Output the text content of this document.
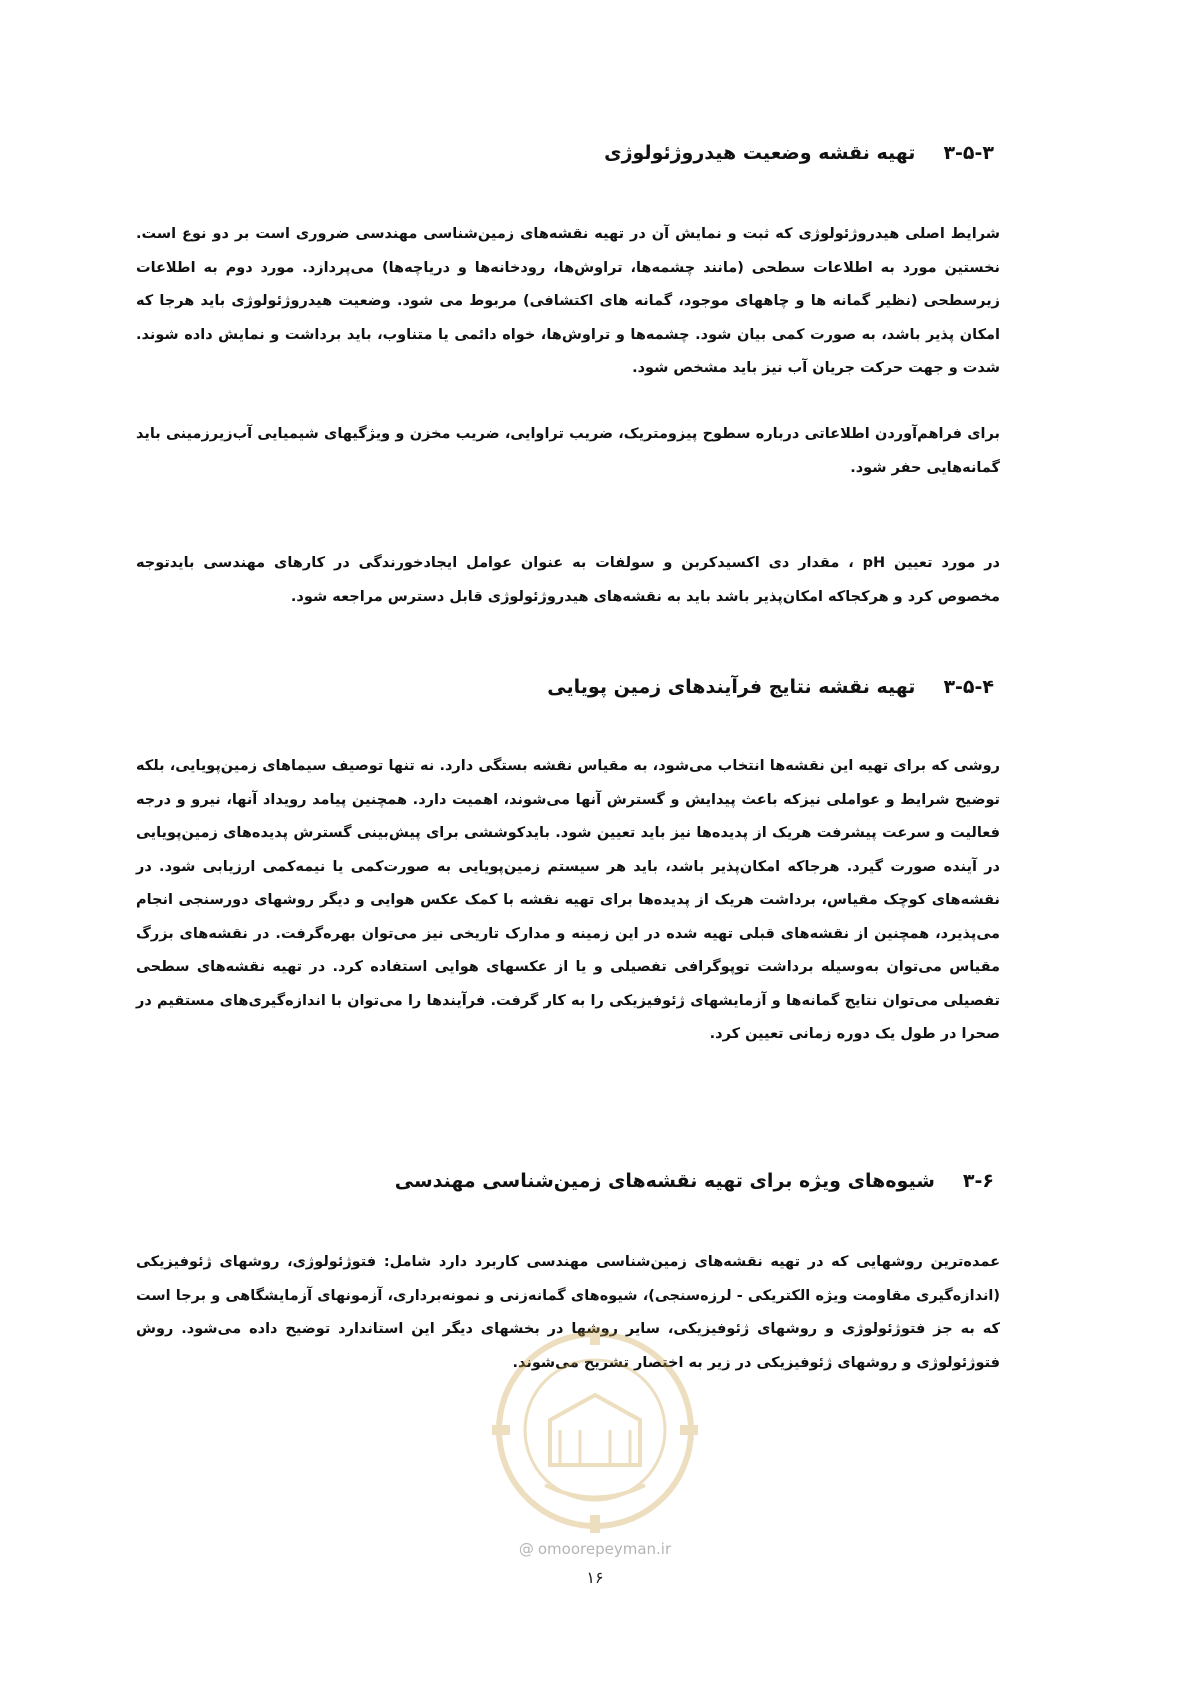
۳-۵-۳تهیه نقشه وضعیت هیدروژئولوژی

شرایط اصلی هیدروژئولوژی که ثبت و نمایش آن در تهیه نقشه‌های زمین‌شناسی مهندسی ضروری است بر دو نوع است. نخستین مورد به اطلاعات سطحی (مانند چشمه‌ها، تراوش‌ها، رودخانه‌ها و دریاچه‌ها) می‌پردازد. مورد دوم به اطلاعات زیرسطحی (نظیر گمانه ها و چاههای موجود، گمانه های اکتشافی) مربوط می شود. وضعیت هیدروژئولوژی باید هرجا که امکان پذیر باشد، به صورت کمی بیان شود. چشمه‌ها و تراوش‌ها، خواه دائمی یا متناوب، باید برداشت و نمایش داده شوند. شدت و جهت حرکت جریان آب نیز باید مشخص شود.

برای فراهم‌آوردن اطلاعاتی درباره سطوح پیزومتریک، ضریب تراوایی، ضریب مخزن و ویژگیهای شیمیایی آب‌زیرزمینی باید گمانه‌هایی حفر شود.

در مورد تعیین pH ، مقدار دی اکسیدکربن و سولفات به عنوان عوامل ایجادخورندگی در کارهای مهندسی بایدتوجه مخصوص کرد و هرکجاکه امکان‌پذیر باشد باید به نقشه‌های هیدروژئولوژی قابل دسترس مراجعه شود.

۳-۵-۴تهیه نقشه نتایج فرآیندهای زمین پویایی

روشی که برای تهیه این نقشه‌ها انتخاب می‌شود، به مقیاس نقشه بستگی دارد. نه تنها توصیف سیماهای زمین‌پویایی، بلکه توضیح شرایط و عواملی نیزکه باعث پیدایش و گسترش آنها می‌شوند، اهمیت دارد. همچنین پیامد رویداد آنها، نیرو و درجه فعالیت و سرعت پیشرفت هریک از پدیده‌ها نیز باید تعیین شود. بایدکوششی برای پیش‌بینی گسترش پدیده‌های زمین‌پویایی در آینده صورت گیرد. هرجاکه امکان‌پذیر باشد، باید هر سیستم زمین‌پویایی به صورت‌کمی یا نیمه‌کمی ارزیابی شود. در نقشه‌های کوچک مقیاس، برداشت هریک از پدیده‌ها برای تهیه نقشه با کمک عکس هوایی و دیگر روشهای دورسنجی انجام می‌پذیرد، همچنین از نقشه‌های قبلی تهیه شده در این زمینه و مدارک تاریخی نیز می‌توان بهره‌گرفت. در نقشه‌های بزرگ مقیاس می‌توان به‌وسیله برداشت توپوگرافی تفصیلی و یا از عکسهای هوایی استفاده کرد. در تهیه نقشه‌های سطحی تفصیلی می‌توان نتایج گمانه‌ها و آزمایشهای ژئوفیزیکی را به کار گرفت. فرآیندها را می‌توان با اندازه‌گیری‌های مستقیم در صحرا در طول یک دوره زمانی تعیین کرد.

۳-۶شیوه‌های ویژه برای تهیه نقشه‌های زمین‌شناسی مهندسی

عمده‌ترین روشهایی که در تهیه نقشه‌های زمین‌شناسی مهندسی کاربرد دارد شامل: فتوژئولوژی، روشهای ژئوفیزیکی (اندازه‌گیری مقاومت ویژه الکتریکی - لرزه‌سنجی)، شیوه‌های گمانه‌زنی و نمونه‌برداری، آزمونهای آزمایشگاهی و برجا است که به جز فتوژئولوژی و روشهای ژئوفیزیکی، سایر روشها در بخشهای دیگر این استاندارد توضیح داده می‌شود. روش فتوژئولوژی و روشهای ژئوفیزیکی در زیر به اختصار تشریح می‌شوند.

@ omoorepeyman.ir
۱۶
